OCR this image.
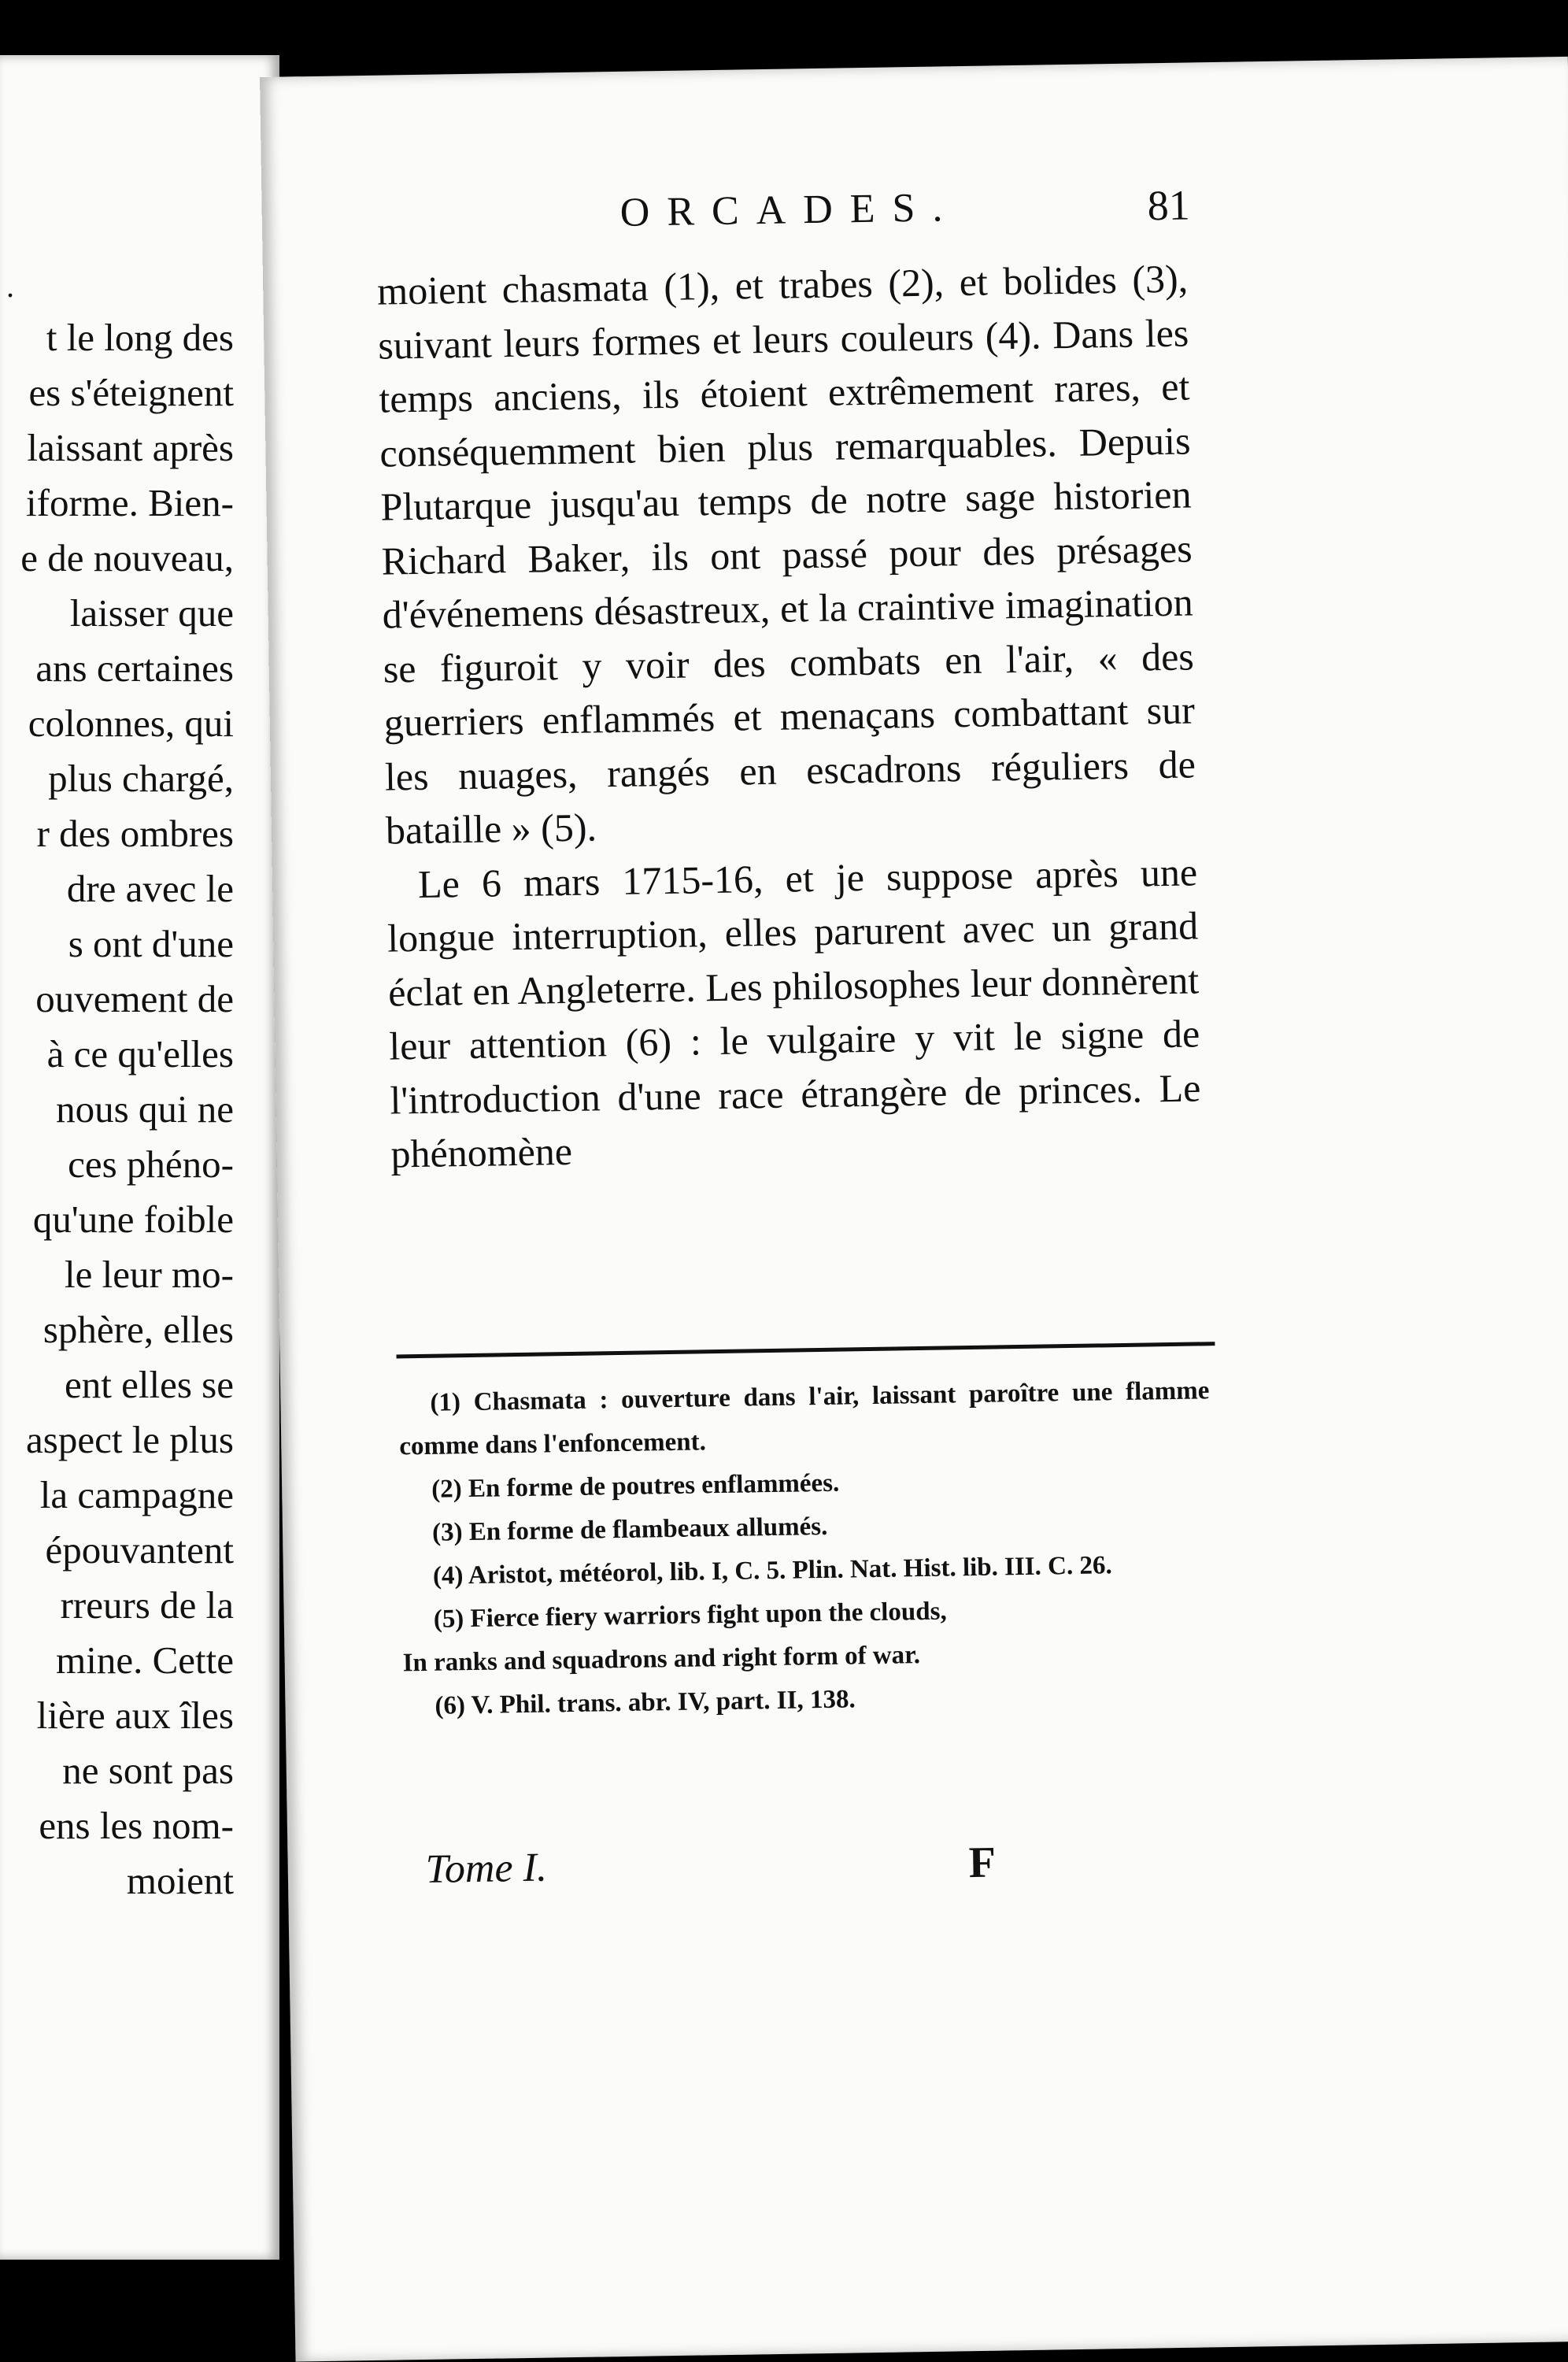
.
t le long des
es s'éteignent
laissant après
iforme. Bien-
e de nouveau,
laisser que
ans certaines
colonnes, qui
plus chargé,
r des ombres
dre avec le
s ont d'une
ouvement de
à ce qu'elles
nous qui ne
ces phéno-
qu'une foible
le leur mo-
sphère, elles
ent elles se
aspect le plus
la campagne
épouvantent
rreurs de la
mine. Cette
lière aux îles
ne sont pas
ens les nom-
moient
ORCADES.	81

moient chasmata (1), et trabes (2), et bolides (3), suivant leurs formes et leurs couleurs (4). Dans les temps anciens, ils étoient extrêmement rares, et conséquemment bien plus remarquables. Depuis Plutarque jusqu'au temps de notre sage historien Richard Baker, ils ont passé pour des présages d'événemens désastreux, et la craintive imagination se figuroit y voir des combats en l'air, « des guerriers enflammés et menaçans combattant sur les nuages, rangés en escadrons réguliers de bataille » (5).

Le 6 mars 1715-16, et je suppose après une longue interruption, elles parurent avec un grand éclat en Angleterre. Les philosophes leur donnèrent leur attention (6) : le vulgaire y vit le signe de l'introduction d'une race étrangère de princes. Le phénomène

(1) Chasmata : ouverture dans l'air, laissant paroître une flamme comme dans l'enfoncement.

(2) En forme de poutres enflammées.

(3) En forme de flambeaux allumés.

(4) Aristot, météorol, lib. I, C. 5. Plin. Nat. Hist. lib. III. C. 26.

(5) Fierce fiery warriors fight upon the clouds,

In ranks and squadrons and right form of war.

(6) V. Phil. trans. abr. IV, part. II, 138.

Tome I.	F
